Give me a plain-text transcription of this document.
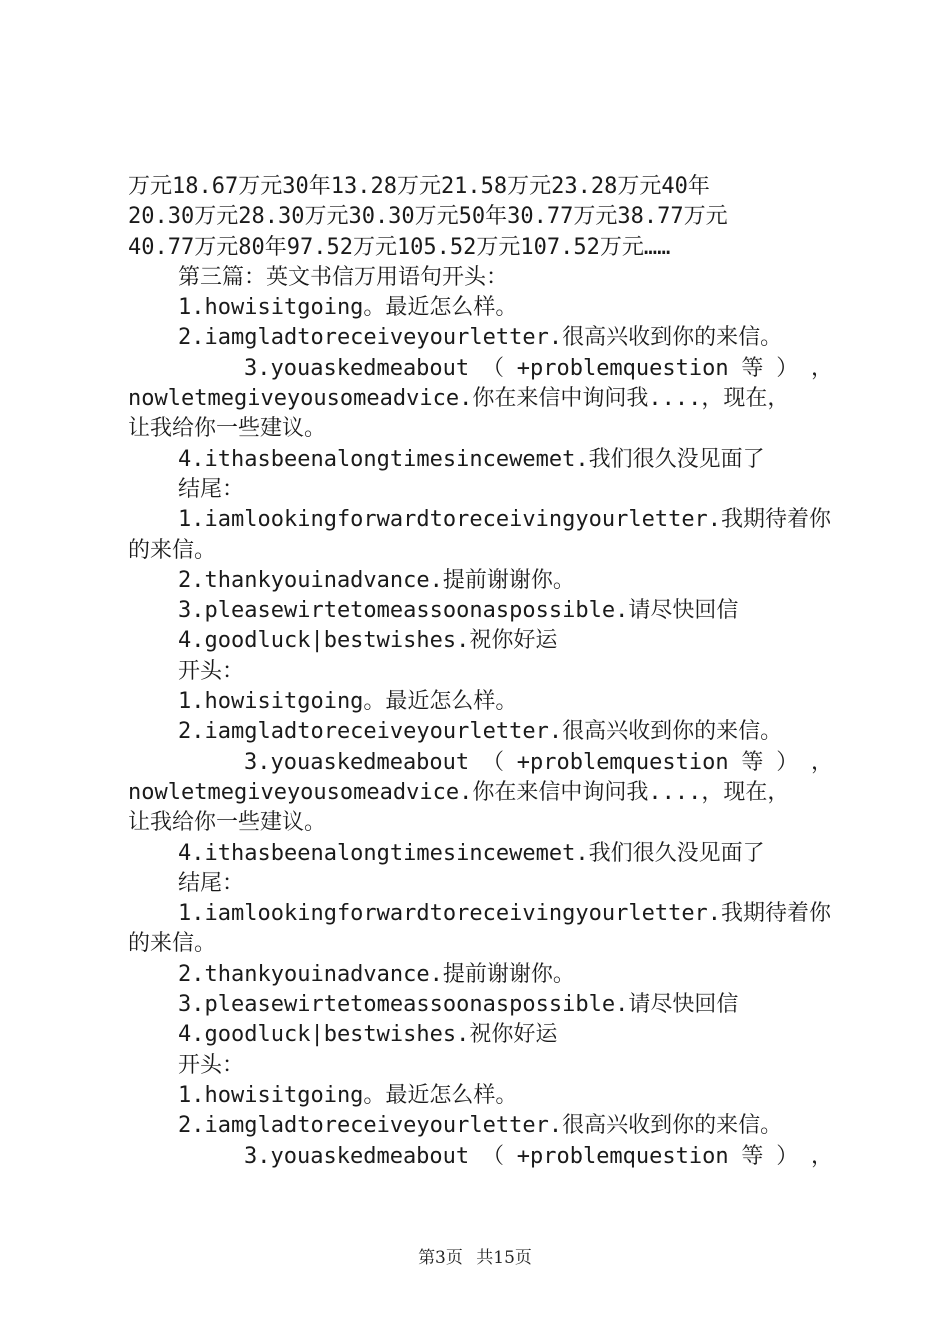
万元18.67万元30年13.28万元21.58万元23.28万元40年
20.30万元28.30万元30.30万元50年30.77万元38.77万元
40.77万元80年97.52万元105.52万元107.52万元……
第三篇：英文书信万用语句开头：
1.howisitgoing。最近怎么样。
2.iamgladtoreceiveyourletter.很高兴收到你的来信。
3.youaskedmeabout （ +problemquestion 等 ） ，
nowletmegiveyousomeadvice.你在来信中询问我....，现在，
让我给你一些建议。
4.ithasbeenalongtimesincewemet.我们很久没见面了
结尾：
1.iamlookingforwardtoreceivingyourletter.我期待着你
的来信。
2.thankyouinadvance.提前谢谢你。
3.pleasewirtetomeassoonaspossible.请尽快回信
4.goodluck|bestwishes.祝你好运
开头：
1.howisitgoing。最近怎么样。
2.iamgladtoreceiveyourletter.很高兴收到你的来信。
3.youaskedmeabout （ +problemquestion 等 ） ，
nowletmegiveyousomeadvice.你在来信中询问我....，现在，
让我给你一些建议。
4.ithasbeenalongtimesincewemet.我们很久没见面了
结尾：
1.iamlookingforwardtoreceivingyourletter.我期待着你
的来信。
2.thankyouinadvance.提前谢谢你。
3.pleasewirtetomeassoonaspossible.请尽快回信
4.goodluck|bestwishes.祝你好运
开头：
1.howisitgoing。最近怎么样。
2.iamgladtoreceiveyourletter.很高兴收到你的来信。
3.youaskedmeabout （ +problemquestion 等 ） ，
第3页 共15页
